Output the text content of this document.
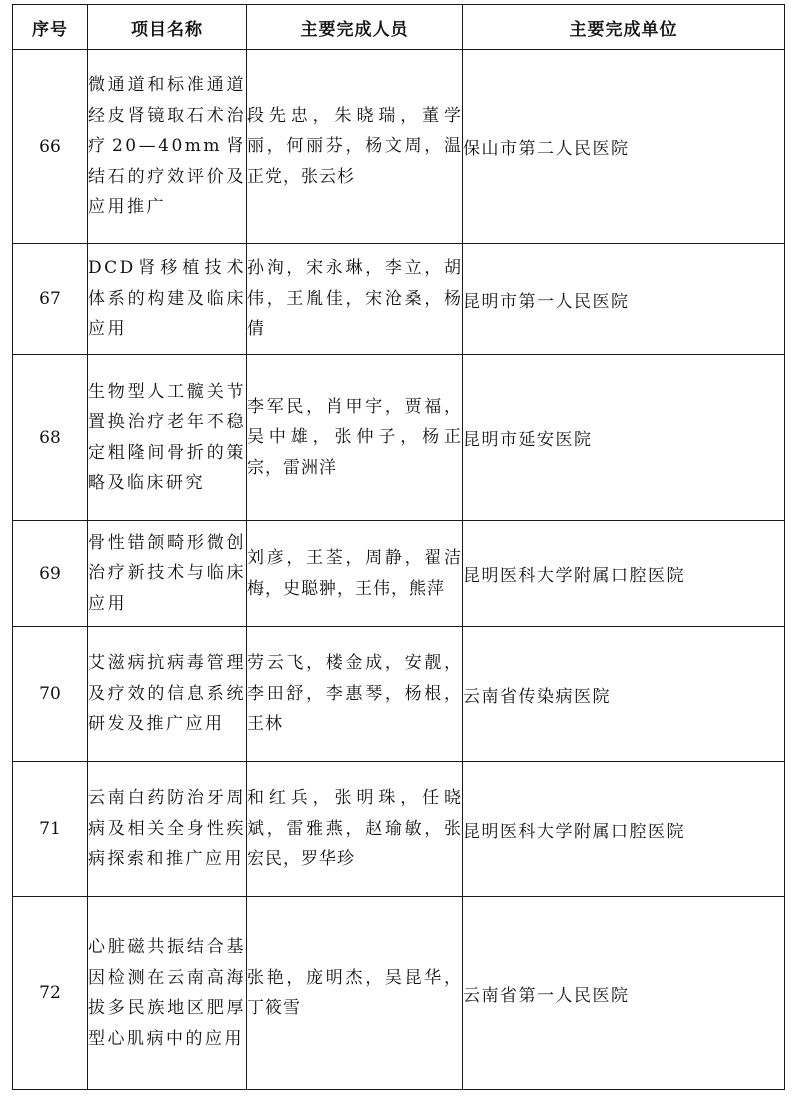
序号	项目名称	主要完成人员	主要完成单位
66	微通道和标准通道经皮肾镜取石术治疗20—40mm肾结石的疗效评价及应用推广	段先忠，朱晓瑞，董学丽，何丽芬，杨文周，温正党，张云杉	保山市第二人民医院
67	DCD肾移植技术体系的构建及临床应用	孙洵，宋永琳，李立，胡伟，王胤佳，宋沧桑，杨倩	昆明市第一人民医院
68	生物型人工髋关节置换治疗老年不稳定粗隆间骨折的策略及临床研究	李军民，肖甲宇，贾福，吴中雄，张仲子，杨正宗，雷洲洋	昆明市延安医院
69	骨性错颌畸形微创治疗新技术与临床应用	刘彦，王荃，周静，翟洁梅，史聪翀，王伟，熊萍	昆明医科大学附属口腔医院
70	艾滋病抗病毒管理及疗效的信息系统研发及推广应用	劳云飞，楼金成，安靓，李田舒，李惠琴，杨根，王林	云南省传染病医院
71	云南白药防治牙周病及相关全身性疾病探索和推广应用	和红兵，张明珠，任晓斌，雷雅燕，赵瑜敏，张宏民，罗华珍	昆明医科大学附属口腔医院
72	心脏磁共振结合基因检测在云南高海拔多民族地区肥厚型心肌病中的应用	张艳，庞明杰，吴昆华，丁筱雪	云南省第一人民医院
